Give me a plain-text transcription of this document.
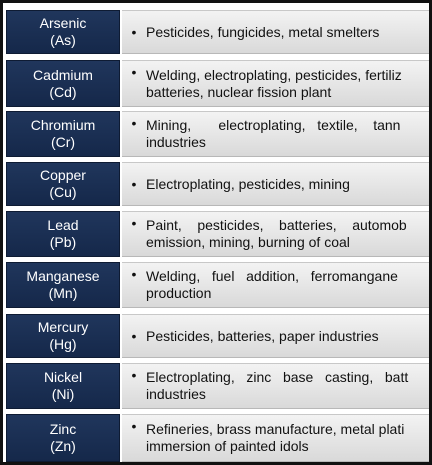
Arsenic
(As)
• Pesticides, fungicides, metal smelters
Cadmium
(Cd)
• Welding, electroplating, pesticides, fertiliz
batteries, nuclear fission plant
Chromium
(Cr)
• Mining,       electroplating,   textile,    tann
industries
Copper
(Cu)
• Electroplating, pesticides, mining
Lead
(Pb)
• Paint,    pesticides,    batteries,    automob
emission, mining, burning of coal
Manganese
(Mn)
• Welding,   fuel   addition,   ferromangane
production
Mercury
(Hg)
• Pesticides, batteries, paper industries
Nickel
(Ni)
• Electroplating,   zinc   base   casting,   batt
industries
Zinc
(Zn)
• Refineries, brass manufacture, metal plati
immersion of painted idols
